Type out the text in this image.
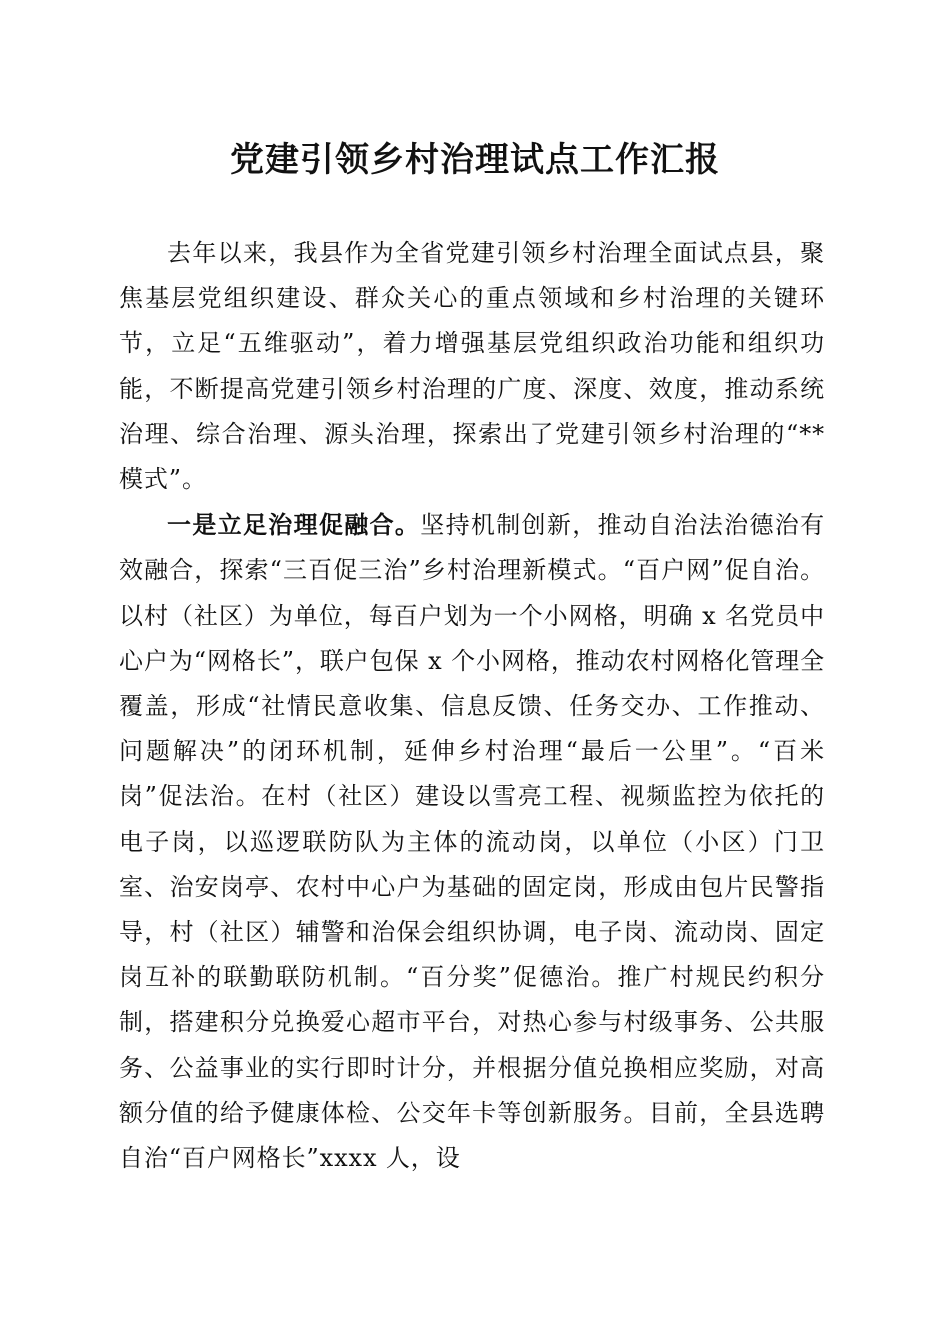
党建引领乡村治理试点工作汇报

去年以来，我县作为全省党建引领乡村治理全面试点县，聚焦基层党组织建设、群众关心的重点领域和乡村治理的关键环节，立足“五维驱动”，着力增强基层党组织政治功能和组织功能，不断提高党建引领乡村治理的广度、深度、效度，推动系统治理、综合治理、源头治理，探索出了党建引领乡村治理的“**模式”。

一是立足治理促融合。坚持机制创新，推动自治法治德治有效融合，探索“三百促三治”乡村治理新模式。“百户网”促自治。以村（社区）为单位，每百户划为一个小网格，明确 x 名党员中心户为“网格长”，联户包保 x 个小网格，推动农村网格化管理全覆盖，形成“社情民意收集、信息反馈、任务交办、工作推动、问题解决”的闭环机制，延伸乡村治理“最后一公里”。“百米岗”促法治。在村（社区）建设以雪亮工程、视频监控为依托的电子岗，以巡逻联防队为主体的流动岗，以单位（小区）门卫室、治安岗亭、农村中心户为基础的固定岗，形成由包片民警指导，村（社区）辅警和治保会组织协调，电子岗、流动岗、固定岗互补的联勤联防机制。“百分奖”促德治。推广村规民约积分制，搭建积分兑换爱心超市平台，对热心参与村级事务、公共服务、公益事业的实行即时计分，并根据分值兑换相应奖励，对高额分值的给予健康体检、公交年卡等创新服务。目前，全县选聘自治“百户网格长”xxxx 人，设
